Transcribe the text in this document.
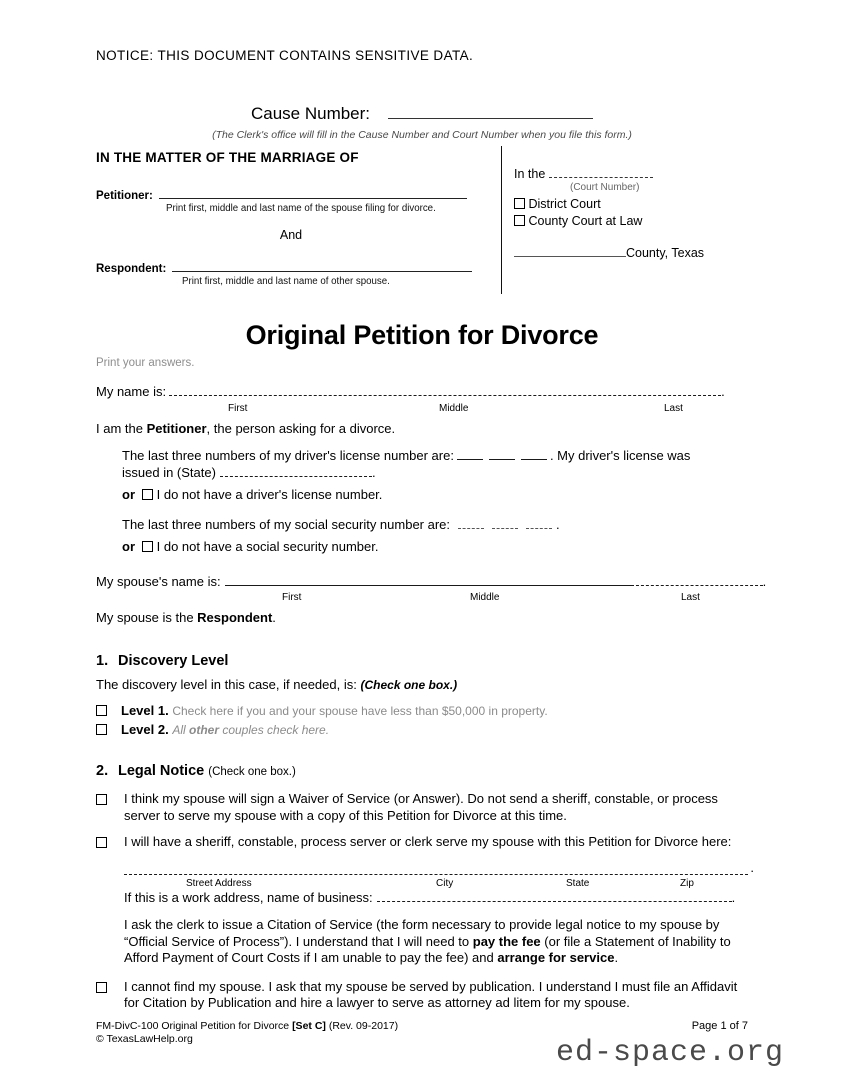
NOTICE: THIS DOCUMENT CONTAINS SENSITIVE DATA.
Cause Number:
(The Clerk's office will fill in the Cause Number and Court Number when you file this form.)
IN THE MATTER OF THE MARRIAGE OF
Petitioner:
Print first, middle and last name of the spouse filing for divorce.
And
Respondent:
Print first, middle and last name of other spouse.
In the
(Court Number)
District Court
County Court at Law
County, Texas
Original Petition for Divorce
Print your answers.
My name is:	.
First	Middle	Last
I am the Petitioner, the person asking for a divorce.
The last three numbers of my driver's license number are:	. My driver's license was
issued in (State)	.
or I do not have a driver's license number.
The last three numbers of my social security number are:	.
or I do not have a social security number.
My spouse's name is:	.
First	Middle	Last
My spouse is the Respondent.
1. Discovery Level
The discovery level in this case, if needed, is: (Check one box.)
Level 1. Check here if you and your spouse have less than $50,000 in property.
Level 2. All other couples check here.
2. Legal Notice (Check one box.)
I think my spouse will sign a Waiver of Service (or Answer). Do not send a sheriff, constable, or process server to serve my spouse with a copy of this Petition for Divorce at this time.
I will have a sheriff, constable, process server or clerk serve my spouse with this Petition for Divorce here:
.
Street Address	City	State	Zip
If this is a work address, name of business:	.
I ask the clerk to issue a Citation of Service (the form necessary to provide legal notice to my spouse by “Official Service of Process”). I understand that I will need to pay the fee (or file a Statement of Inability to Afford Payment of Court Costs if I am unable to pay the fee) and arrange for service.
I cannot find my spouse. I ask that my spouse be served by publication. I understand I must file an Affidavit for Citation by Publication and hire a lawyer to serve as attorney ad litem for my spouse.
FM-DivC-100 Original Petition for Divorce [Set C] (Rev. 09-2017)
© TexasLawHelp.org
Page 1 of 7
ed-space.org
